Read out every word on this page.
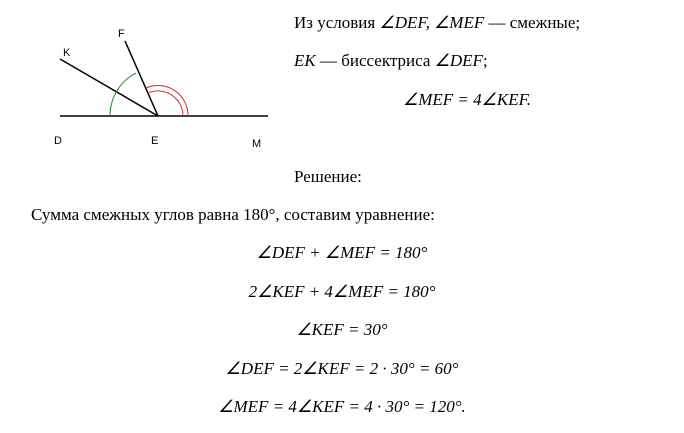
D	E	M
K
F
Из условия ∠DEF, ∠MEF — смежные;
EK — биссектриса ∠DEF;
∠MEF = 4∠KEF.
Решение:
Сумма смежных углов равна 180°, составим уравнение:
∠DEF + ∠MEF = 180°
2∠KEF + 4∠MEF = 180°
∠KEF = 30°
∠DEF = 2∠KEF = 2 · 30° = 60°
∠MEF = 4∠KEF = 4 · 30° = 120°.
